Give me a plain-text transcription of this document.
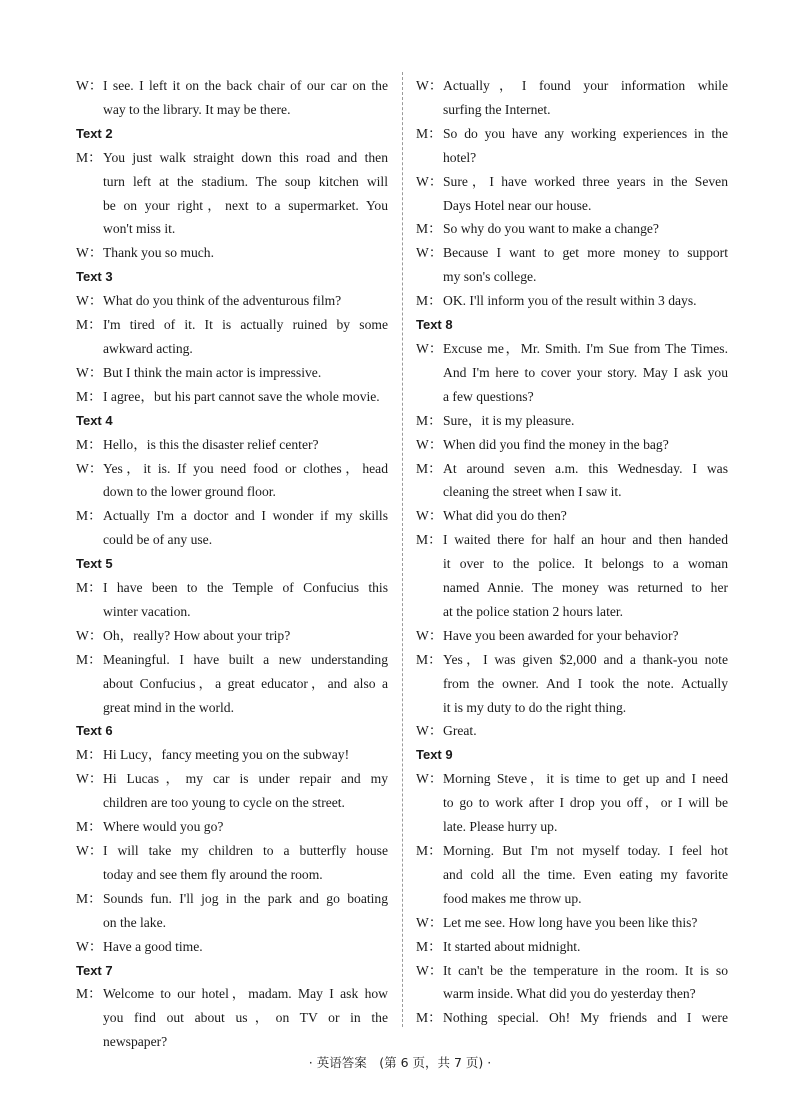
W： I see. I left it on the back chair of our car on the
way to the library. It may be there.
Text 2
M： You just walk straight down this road and then
turn left at the stadium. The soup kitchen will
be on your right，next to a supermarket. You
won't miss it.
W： Thank you so much.
Text 3
W： What do you think of the adventurous film?
M： I'm tired of it. It is actually ruined by some
awkward acting.
W： But I think the main actor is impressive.
M： I agree，but his part cannot save the whole movie.
Text 4
M： Hello，is this the disaster relief center?
W： Yes，it is. If you need food or clothes，head
down to the lower ground floor.
M： Actually I'm a doctor and I wonder if my skills
could be of any use.
Text 5
M： I have been to the Temple of Confucius this
winter vacation.
W： Oh，really? How about your trip?
M： Meaningful. I have built a new understanding
about Confucius，a great educator，and also a
great mind in the world.
Text 6
M： Hi Lucy，fancy meeting you on the subway!
W： Hi Lucas，my car is under repair and my
children are too young to cycle on the street.
M： Where would you go?
W： I will take my children to a butterfly house
today and see them fly around the room.
M： Sounds fun. I'll jog in the park and go boating
on the lake.
W： Have a good time.
Text 7
M： Welcome to our hotel，madam. May I ask how
you find out about us，on TV or in the
newspaper?
W： Actually，I found your information while
surfing the Internet.
M： So do you have any working experiences in the
hotel?
W： Sure，I have worked three years in the Seven
Days Hotel near our house.
M： So why do you want to make a change?
W： Because I want to get more money to support
my son's college.
M： OK. I'll inform you of the result within 3 days.
Text 8
W： Excuse me，Mr. Smith. I'm Sue from The Times.
And I'm here to cover your story. May I ask you
a few questions?
M： Sure，it is my pleasure.
W： When did you find the money in the bag?
M： At around seven a.m. this Wednesday. I was
cleaning the street when I saw it.
W： What did you do then?
M： I waited there for half an hour and then handed
it over to the police. It belongs to a woman
named Annie. The money was returned to her
at the police station 2 hours later.
W： Have you been awarded for your behavior?
M： Yes，I was given $2,000 and a thank-you note
from the owner. And I took the note. Actually
it is my duty to do the right thing.
W： Great.
Text 9
W： Morning Steve，it is time to get up and I need
to go to work after I drop you off，or I will be
late. Please hurry up.
M： Morning. But I'm not myself today. I feel hot
and cold all the time. Even eating my favorite
food makes me throw up.
W： Let me see. How long have you been like this?
M： It started about midnight.
W： It can't be the temperature in the room. It is so
warm inside. What did you do yesterday then?
M： Nothing special. Oh! My friends and I were
· 英语答案　(第 6 页，共 7 页) ·
